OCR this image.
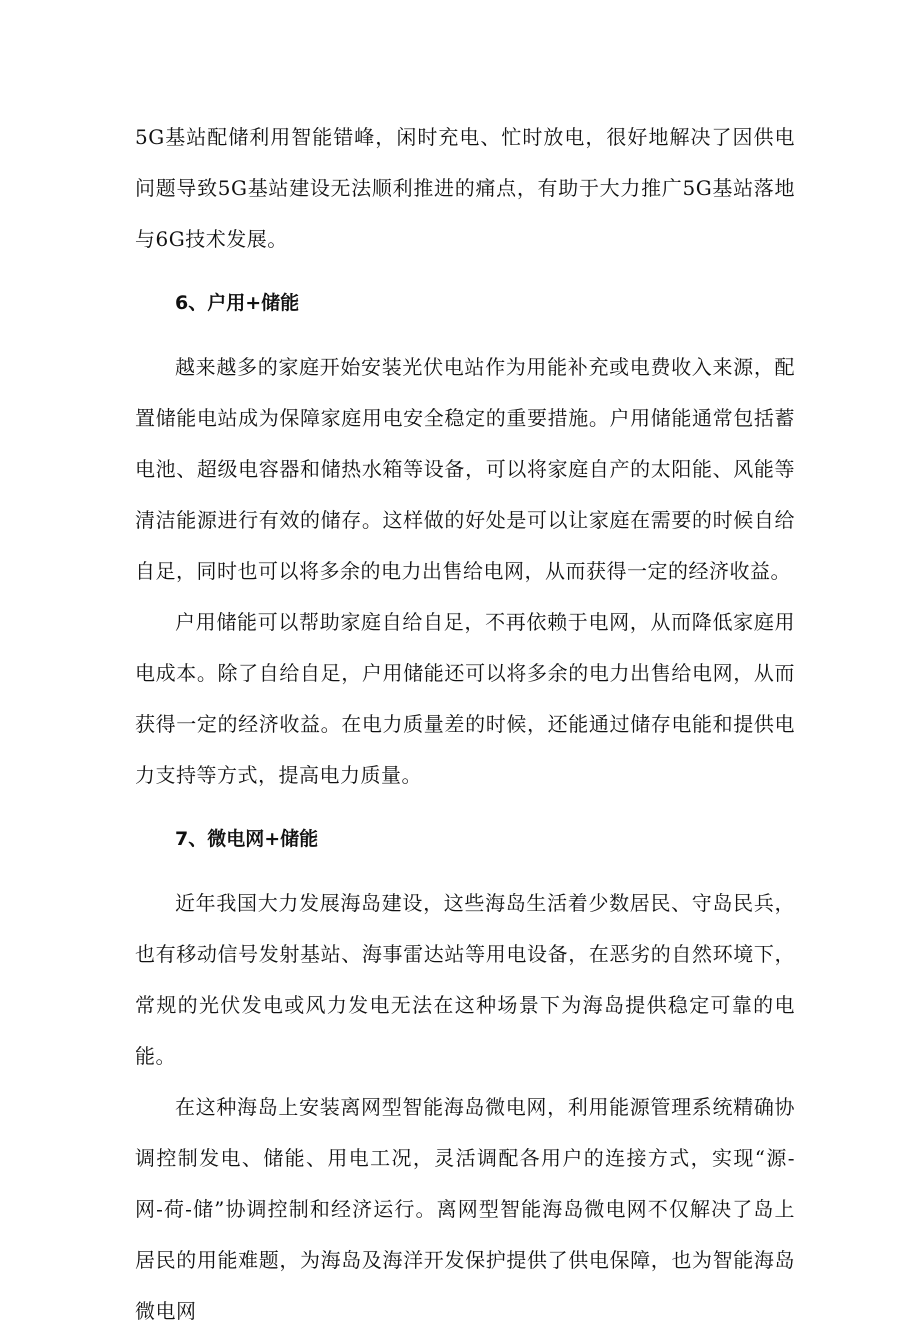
5G基站配储利用智能错峰，闲时充电、忙时放电，很好地解决了因供电问题导致5G基站建设无法顺利推进的痛点，有助于大力推广5G基站落地与6G技术发展。

6、户用+储能

越来越多的家庭开始安装光伏电站作为用能补充或电费收入来源，配置储能电站成为保障家庭用电安全稳定的重要措施。户用储能通常包括蓄电池、超级电容器和储热水箱等设备，可以将家庭自产的太阳能、风能等清洁能源进行有效的储存。这样做的好处是可以让家庭在需要的时候自给自足，同时也可以将多余的电力出售给电网，从而获得一定的经济收益。

户用储能可以帮助家庭自给自足，不再依赖于电网，从而降低家庭用电成本。除了自给自足，户用储能还可以将多余的电力出售给电网，从而获得一定的经济收益。在电力质量差的时候，还能通过储存电能和提供电力支持等方式，提高电力质量。

7、微电网+储能

近年我国大力发展海岛建设，这些海岛生活着少数居民、守岛民兵，也有移动信号发射基站、海事雷达站等用电设备，在恶劣的自然环境下，常规的光伏发电或风力发电无法在这种场景下为海岛提供稳定可靠的电能。

在这种海岛上安装离网型智能海岛微电网，利用能源管理系统精确协调控制发电、储能、用电工况，灵活调配各用户的连接方式，实现“源-网-荷-储”协调控制和经济运行。离网型智能海岛微电网不仅解决了岛上居民的用能难题，为海岛及海洋开发保护提供了供电保障，也为智能海岛微电网
